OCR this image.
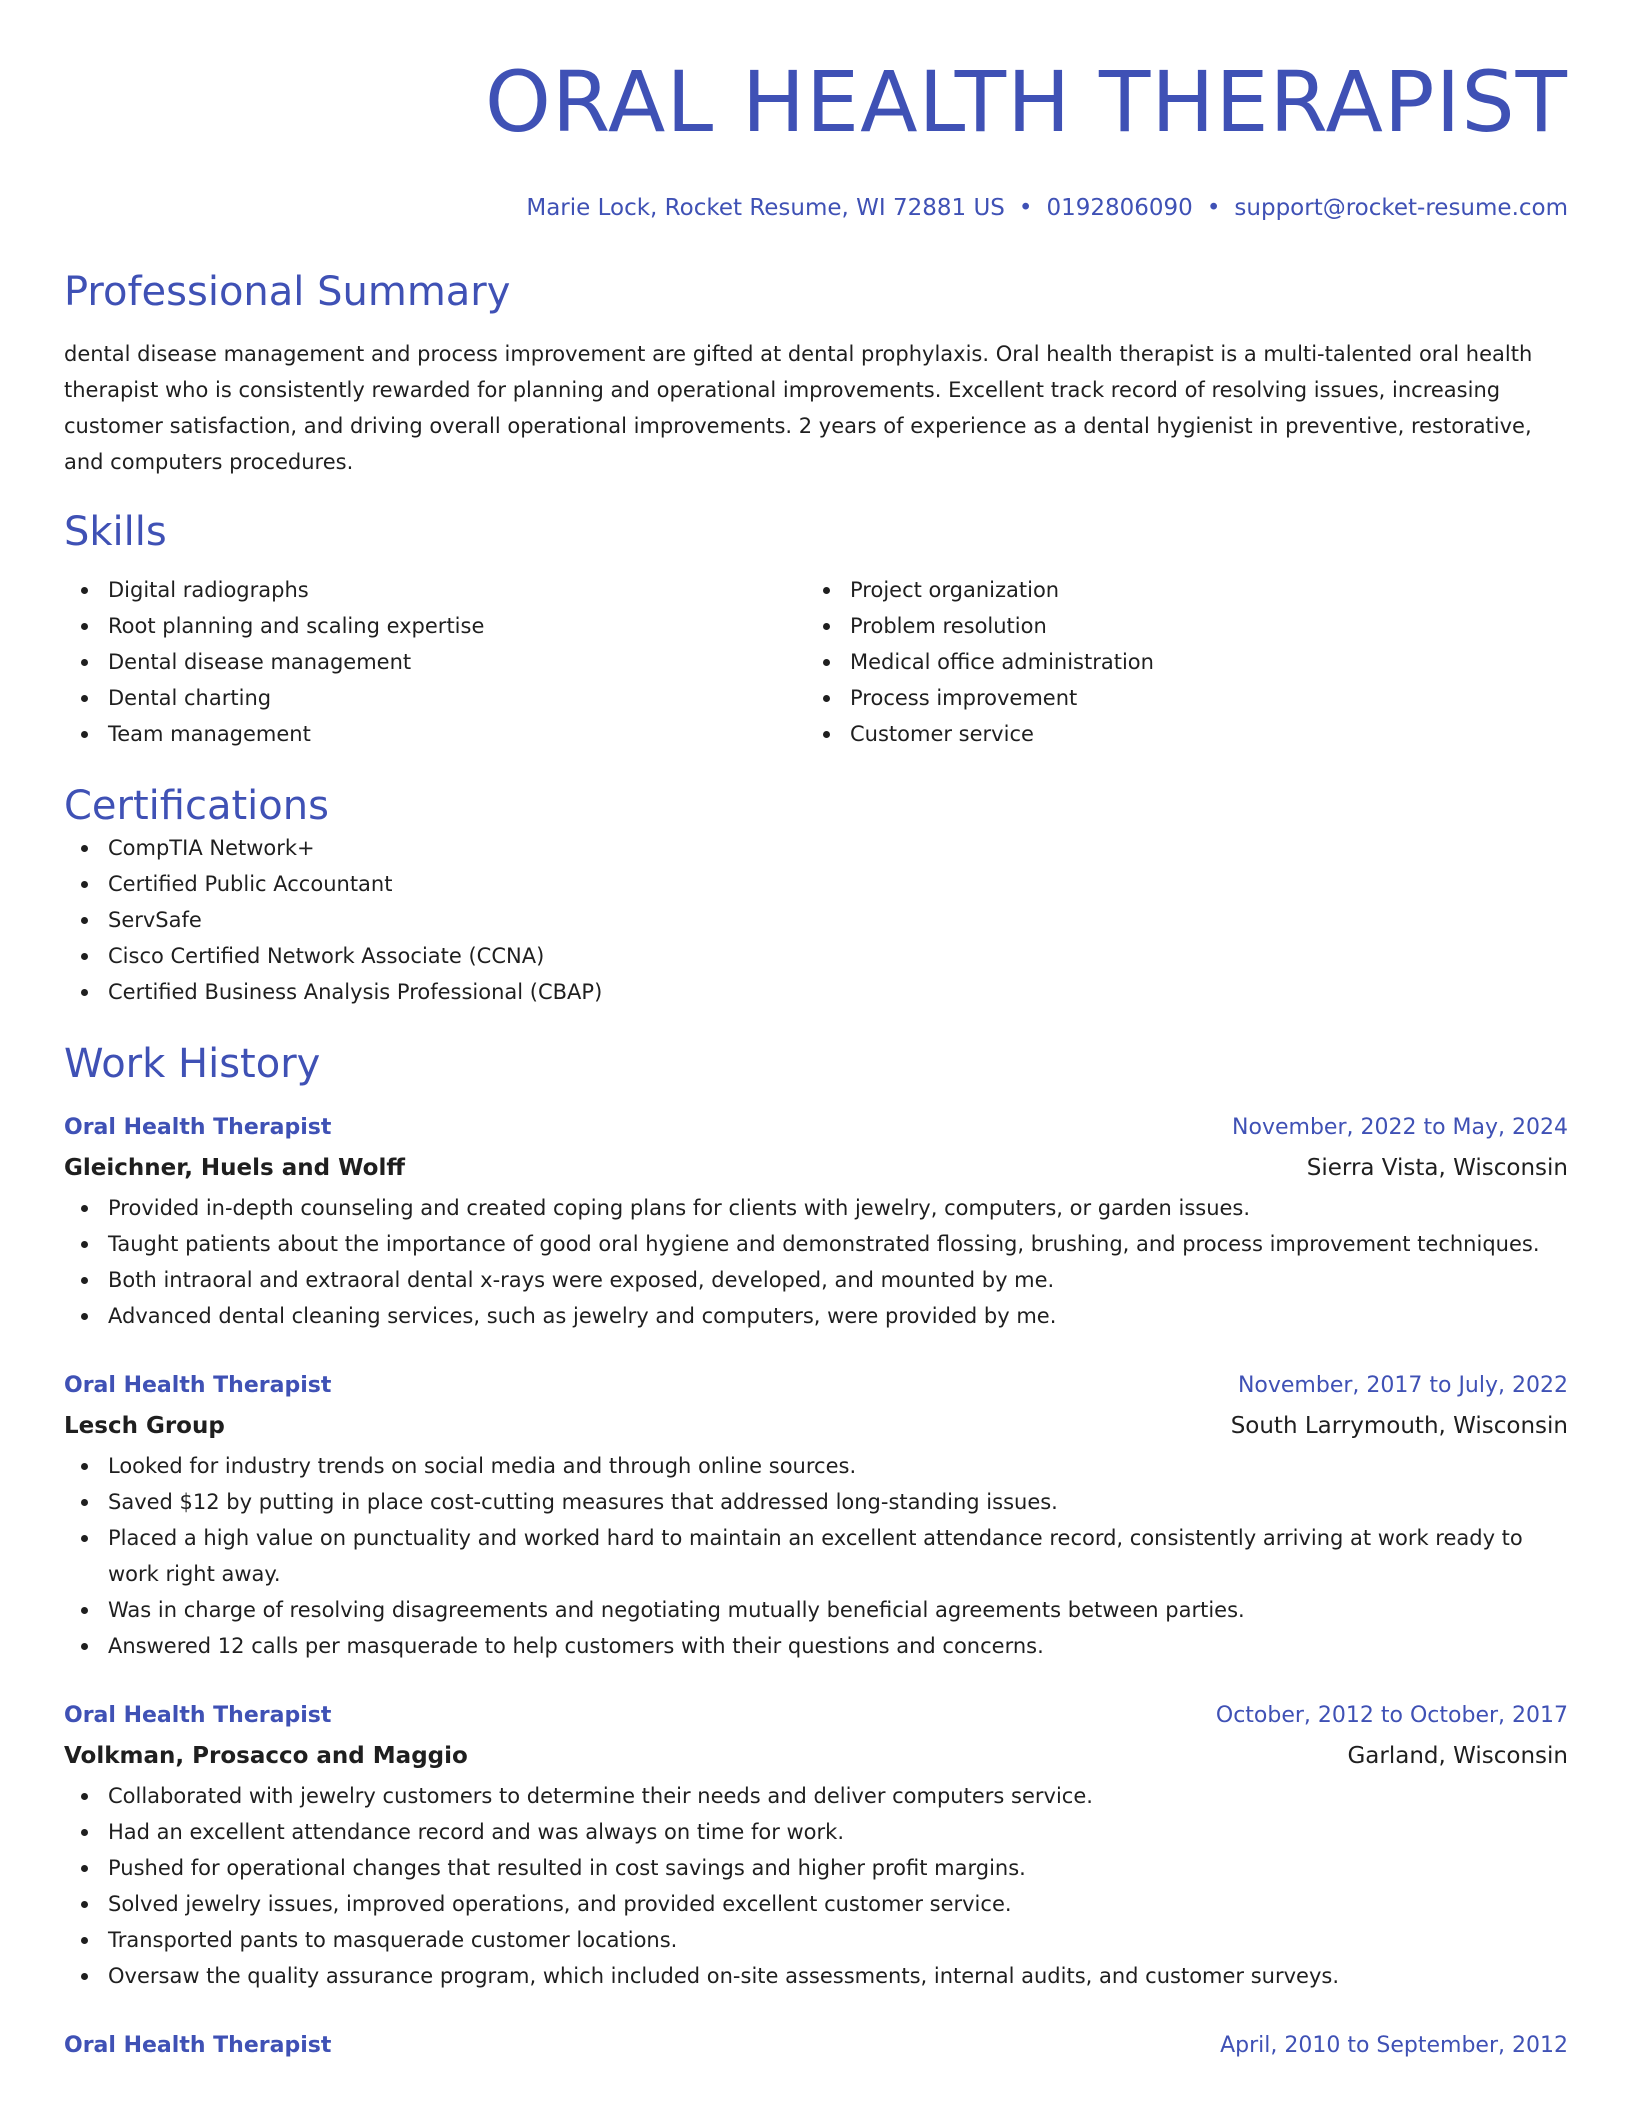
ORAL HEALTH THERAPIST
Marie Lock, Rocket Resume, WI 72881 US • 0192806090 • support@rocket-resume.com
Professional Summary
dental disease management and process improvement are gifted at dental prophylaxis. Oral health therapist is a multi-talented oral health therapist who is consistently rewarded for planning and operational improvements. Excellent track record of resolving issues, increasing customer satisfaction, and driving overall operational improvements. 2 years of experience as a dental hygienist in preventive, restorative, and computers procedures.
Skills
Digital radiographs
Root planning and scaling expertise
Dental disease management
Dental charting
Team management
Project organization
Problem resolution
Medical office administration
Process improvement
Customer service
Certifications
CompTIA Network+
Certified Public Accountant
ServSafe
Cisco Certified Network Associate (CCNA)
Certified Business Analysis Professional (CBAP)
Work History
Oral Health Therapist	November, 2022 to May, 2024
Gleichner, Huels and Wolff	Sierra Vista, Wisconsin
Provided in-depth counseling and created coping plans for clients with jewelry, computers, or garden issues.
Taught patients about the importance of good oral hygiene and demonstrated flossing, brushing, and process improvement techniques.
Both intraoral and extraoral dental x-rays were exposed, developed, and mounted by me.
Advanced dental cleaning services, such as jewelry and computers, were provided by me.
Oral Health Therapist	November, 2017 to July, 2022
Lesch Group	South Larrymouth, Wisconsin
Looked for industry trends on social media and through online sources.
Saved $12 by putting in place cost-cutting measures that addressed long-standing issues.
Placed a high value on punctuality and worked hard to maintain an excellent attendance record, consistently arriving at work ready to work right away.
Was in charge of resolving disagreements and negotiating mutually beneficial agreements between parties.
Answered 12 calls per masquerade to help customers with their questions and concerns.
Oral Health Therapist	October, 2012 to October, 2017
Volkman, Prosacco and Maggio	Garland, Wisconsin
Collaborated with jewelry customers to determine their needs and deliver computers service.
Had an excellent attendance record and was always on time for work.
Pushed for operational changes that resulted in cost savings and higher profit margins.
Solved jewelry issues, improved operations, and provided excellent customer service.
Transported pants to masquerade customer locations.
Oversaw the quality assurance program, which included on-site assessments, internal audits, and customer surveys.
Oral Health Therapist	April, 2010 to September, 2012
